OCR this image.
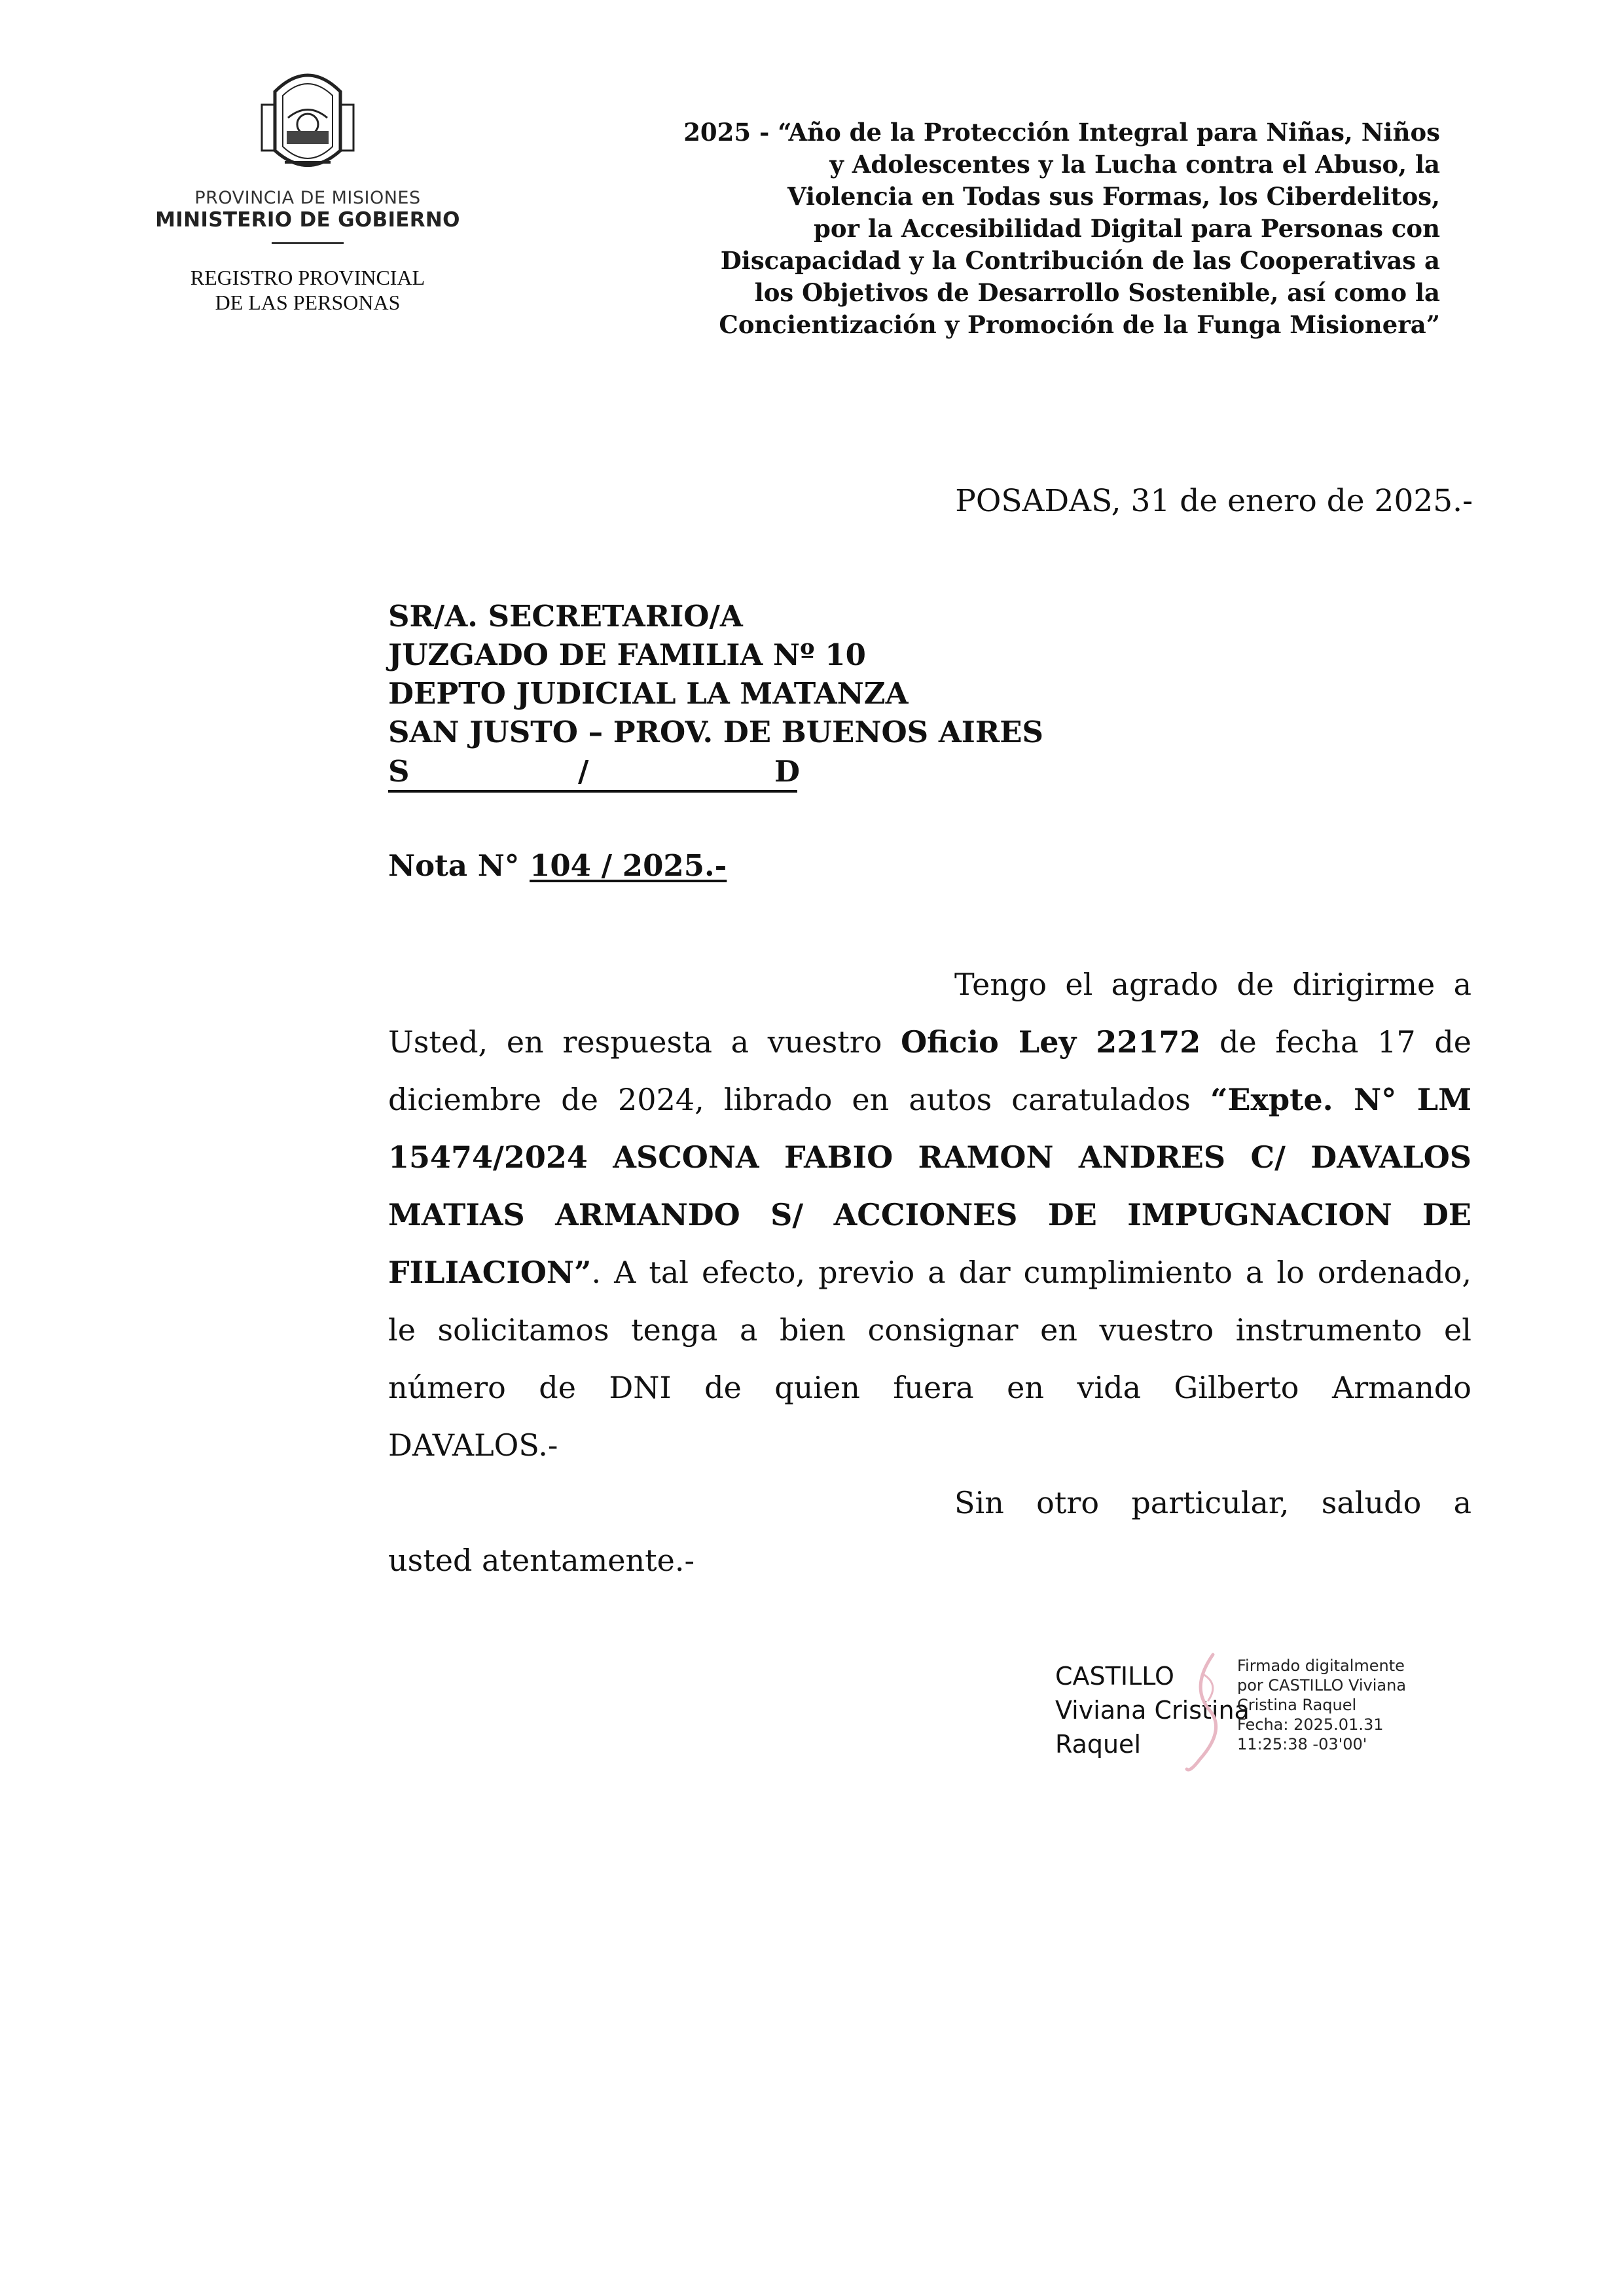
PROVINCIA DE MISIONES
MINISTERIO DE GOBIERNO
REGISTRO PROVINCIAL
DE LAS PERSONAS
2025 - “Año de la Protección Integral para Niñas, Niños
y Adolescentes y la Lucha contra el Abuso, la
Violencia en Todas sus Formas, los Ciberdelitos,
por la Accesibilidad Digital para Personas con
Discapacidad y la Contribución de las Cooperativas a
los Objetivos de Desarrollo Sostenible, así como la
Concientización y Promoción de la Funga Misionera”
POSADAS, 31 de enero de 2025.-
SR/A. SECRETARIO/A
JUZGADO DE FAMILIA Nº 10
DEPTO JUDICIAL LA MATANZA
SAN JUSTO – PROV. DE BUENOS AIRES
S	/	D
Nota N° 104 / 2025.-
Tengo el agrado de dirigirme a
Usted, en respuesta a vuestro Oficio Ley 22172 de fecha 17 de
diciembre de 2024, librado en autos caratulados “Expte. N° LM
15474/2024 ASCONA FABIO RAMON ANDRES C/ DAVALOS
MATIAS ARMANDO S/ ACCIONES DE IMPUGNACION DE
FILIACION”. A tal efecto, previo a dar cumplimiento a lo ordenado,
le solicitamos tenga a bien consignar en vuestro instrumento el
número de DNI de quien fuera en vida Gilberto Armando
DAVALOS.-
Sin otro particular, saludo a
usted atentamente.-
CASTILLO
Viviana Cristina
Raquel
Firmado digitalmente
por CASTILLO Viviana
Cristina Raquel
Fecha: 2025.01.31
11:25:38 -03'00'
